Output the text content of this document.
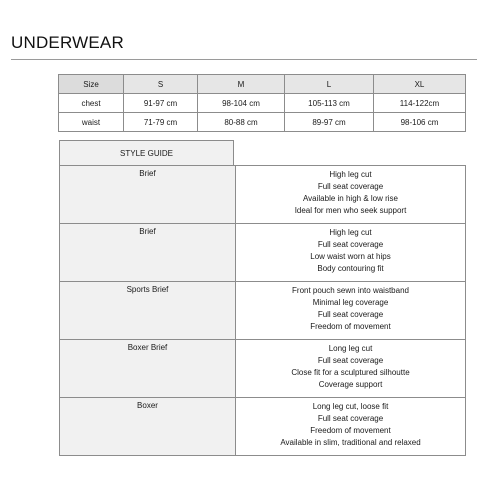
UNDERWEAR
Size	S	M	L	XL
chest	91-97 cm	98-104 cm	105-113 cm	114-122cm
waist	71-79 cm	80-88 cm	89-97 cm	98-106 cm
STYLE GUIDE
Brief	High leg cut
Full seat coverage
Available in high & low rise
Ideal for men who seek support

Brief	High leg cut
Full seat coverage
Low waist worn at hips
Body contouring fit

Sports Brief	Front pouch sewn into waistband
Minimal leg coverage
Full seat coverage
Freedom of movement

Boxer Brief	Long leg cut
Full seat coverage
Close fit for a sculptured silhoutte
Coverage support

Boxer	Long leg cut, loose fit
Full seat coverage
Freedom of movement
Available in slim, traditional and relaxed
